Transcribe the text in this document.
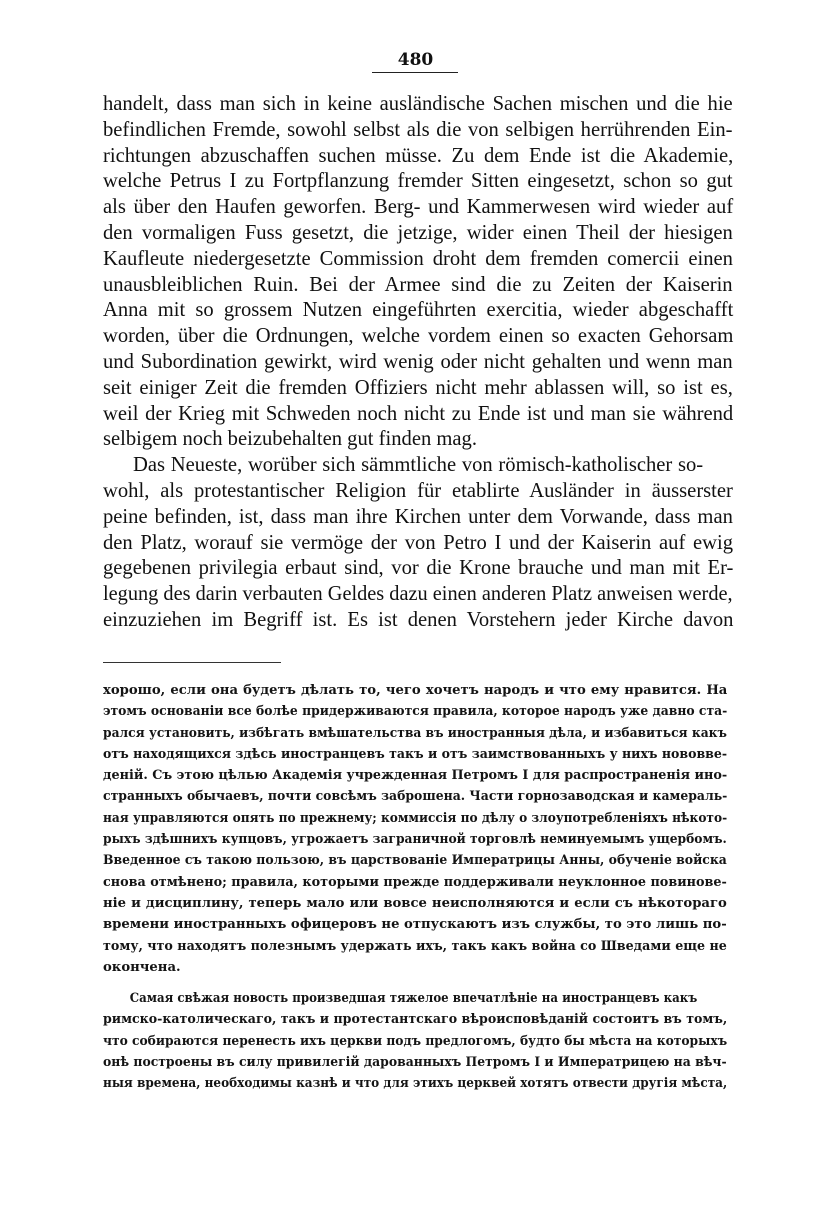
480
handelt, dass man sich in keine ausländische Sachen mischen und die hie
befindlichen Fremde, sowohl selbst als die von selbigen herrührenden Ein-
richtungen abzuschaffen suchen müsse. Zu dem Ende ist die Akademie,
welche Petrus I zu Fortpflanzung fremder Sitten eingesetzt, schon so gut
als über den Haufen geworfen. Berg- und Kammerwesen wird wieder auf
den vormaligen Fuss gesetzt, die jetzige, wider einen Theil der hiesigen
Kaufleute niedergesetzte Commission droht dem fremden comercii einen
unausbleiblichen Ruin. Bei der Armee sind die zu Zeiten der Kaiserin
Anna mit so grossem Nutzen eingeführten exercitia, wieder abgeschafft
worden, über die Ordnungen, welche vordem einen so exacten Gehorsam
und Subordination gewirkt, wird wenig oder nicht gehalten und wenn man
seit einiger Zeit die fremden Offiziers nicht mehr ablassen will, so ist es,
weil der Krieg mit Schweden noch nicht zu Ende ist und man sie während
selbigem noch beizubehalten gut finden mag.
Das Neueste, worüber sich sämmtliche von römisch-katholischer so-
wohl, als protestantischer Religion für etablirte Ausländer in äusserster
peine befinden, ist, dass man ihre Kirchen unter dem Vorwande, dass man
den Platz, worauf sie vermöge der von Petro I und der Kaiserin auf ewig
gegebenen privilegia erbaut sind, vor die Krone brauche und man mit Er-
legung des darin verbauten Geldes dazu einen anderen Platz anweisen werde,
einzuziehen im Begriff ist. Es ist denen Vorstehern jeder Kirche davon
хорошо, если она будетъ дѣлать то, чего хочетъ народъ и что ему нравится. На
этомъ основанiи все болѣе придерживаются правила, которое народъ уже давно ста-
рался установить, избѣгать вмѣшательства въ иностранныя дѣла, и избавиться какъ
отъ находящихся здѣсь иностранцевъ такъ и отъ заимствованныхъ у нихъ нововве-
денiй. Съ этою цѣлью Академiя учрежденная Петромъ I для распространенiя ино-
странныхъ обычаевъ, почти совсѣмъ заброшена. Части горнозаводская и камераль-
ная управляются опять по прежнему; коммиссiя по дѣлу о злоупотребленiяхъ нѣкото-
рыхъ здѣшнихъ купцовъ, угрожаетъ заграничной торговлѣ неминуемымъ ущербомъ.
Введенное съ такою пользою, въ царствованiе Императрицы Анны, обученiе войска
снова отмѣнено; правила, которыми прежде поддерживали неуклонное повинове-
нiе и дисциплину, теперь мало или вовсе неисполняются и если съ нѣкотораго
времени иностранныхъ офицеровъ не отпускаютъ изъ службы, то это лишь по-
тому, что находятъ полезнымъ удержать ихъ, такъ какъ война со Шведами еще не
окончена.
Самая свѣжая новость произведшая тяжелое впечатлѣнiе на иностранцевъ какъ
римско-католическаго, такъ и протестантскаго вѣроисповѣданiй состоитъ въ томъ,
что собираются перенесть ихъ церкви подъ предлогомъ, будто бы мѣста на которыхъ
онѣ построены въ силу привилегiй дарованныхъ Петромъ I и Императрицею на вѣч-
ныя времена, необходимы казнѣ и что для этихъ церквей хотятъ отвести другiя мѣста,
